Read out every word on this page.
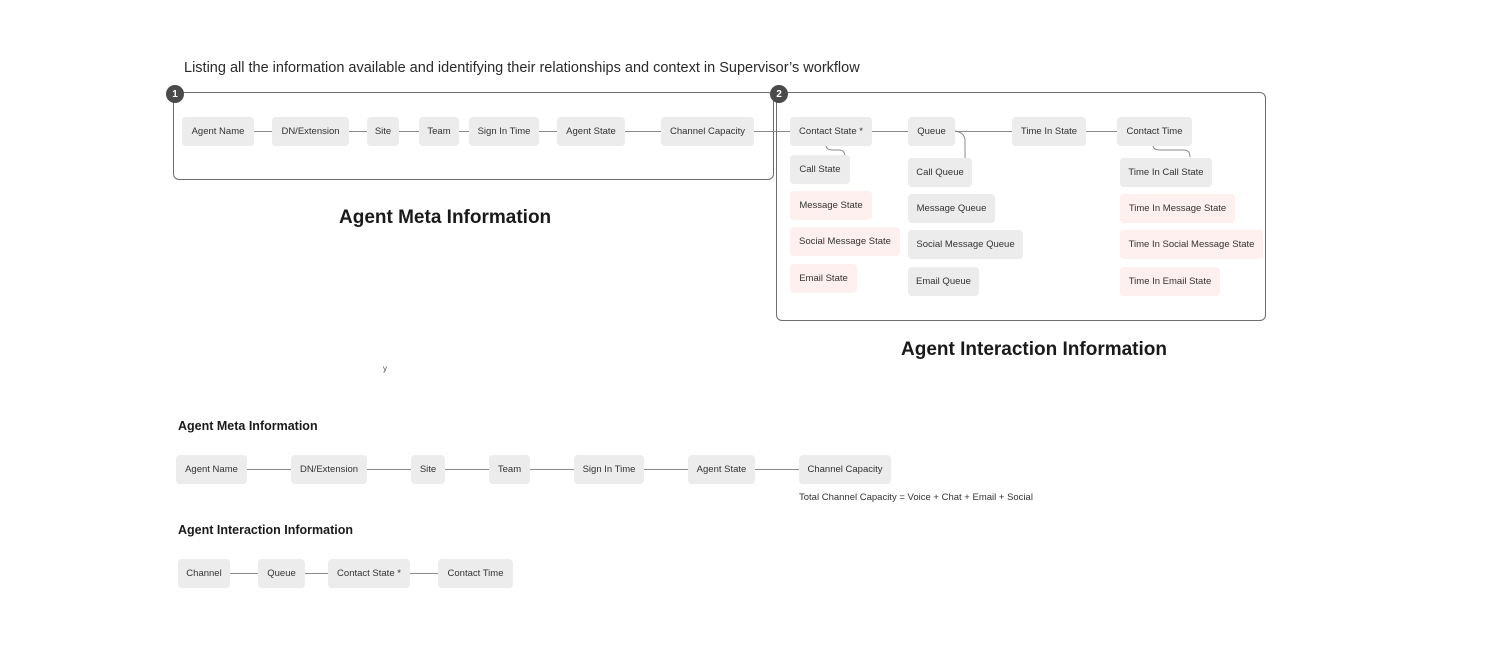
Listing all the information available and identifying their relationships and context in Supervisor’s workflow
1
Agent Name	DN/Extension	Site	Team	Sign In Time	Agent State	Channel Capacity
Agent Meta Information
2
Contact State *	Queue	Time In State	Contact Time
Call State
Message State
Social Message State
Email State
Call Queue
Message Queue
Social Message Queue
Email Queue
Time In Call State
Time In Message State
Time In Social Message State
Time In Email State
Agent Interaction Information
y
Agent Meta Information
Agent Name	DN/Extension	Site	Team	Sign In Time	Agent State	Channel Capacity
Total Channel Capacity = Voice + Chat + Email + Social
Agent Interaction Information
Channel	Queue	Contact State *	Contact Time
